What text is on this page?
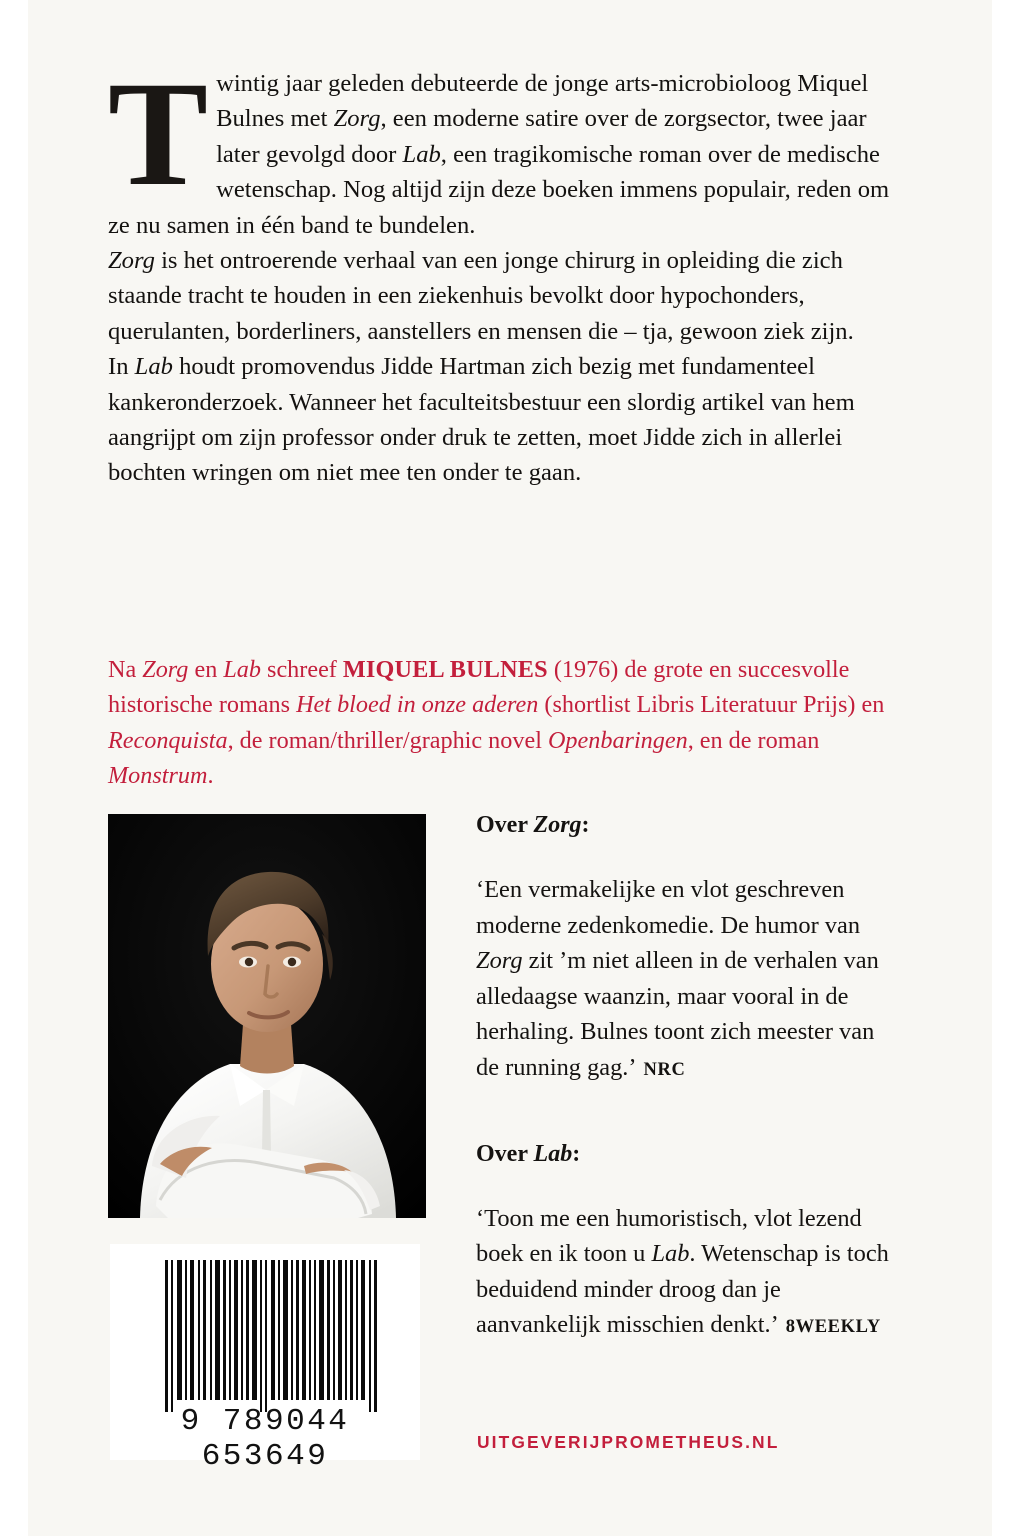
Twintig jaar geleden debuteerde de jonge arts-microbioloog Miquel Bulnes met Zorg, een moderne satire over de zorgsector, twee jaar later gevolgd door Lab, een tragikomische roman over de medische wetenschap. Nog altijd zijn deze boeken immens populair, reden om ze nu samen in één band te bundelen.

Zorg is het ontroerende verhaal van een jonge chirurg in opleiding die zich staande tracht te houden in een ziekenhuis bevolkt door hypochonders, querulanten, borderliners, aanstellers en mensen die – tja, gewoon ziek zijn.

In Lab houdt promovendus Jidde Hartman zich bezig met fundamenteel kankeronderzoek. Wanneer het faculteitsbestuur een slordig artikel van hem aangrijpt om zijn professor onder druk te zetten, moet Jidde zich in allerlei bochten wringen om niet mee ten onder te gaan.

Na Zorg en Lab schreef MIQUEL BULNES (1976) de grote en succesvolle historische romans Het bloed in onze aderen (shortlist Libris Literatuur Prijs) en Reconquista, de roman/thriller/graphic novel Openbaringen, en de roman Monstrum.

9 789044 653649

Over Zorg:

‘Een vermakelijke en vlot geschreven moderne zedenkomedie. De humor van Zorg zit ’m niet alleen in de verhalen van alledaagse waanzin, maar vooral in de herhaling. Bulnes toont zich meester van de running gag.’ NRC

Over Lab:

‘Toon me een humoristisch, vlot lezend boek en ik toon u Lab. Wetenschap is toch beduidend minder droog dan je aanvankelijk misschien denkt.’ 8WEEKLY

UITGEVERIJPROMETHEUS.NL
